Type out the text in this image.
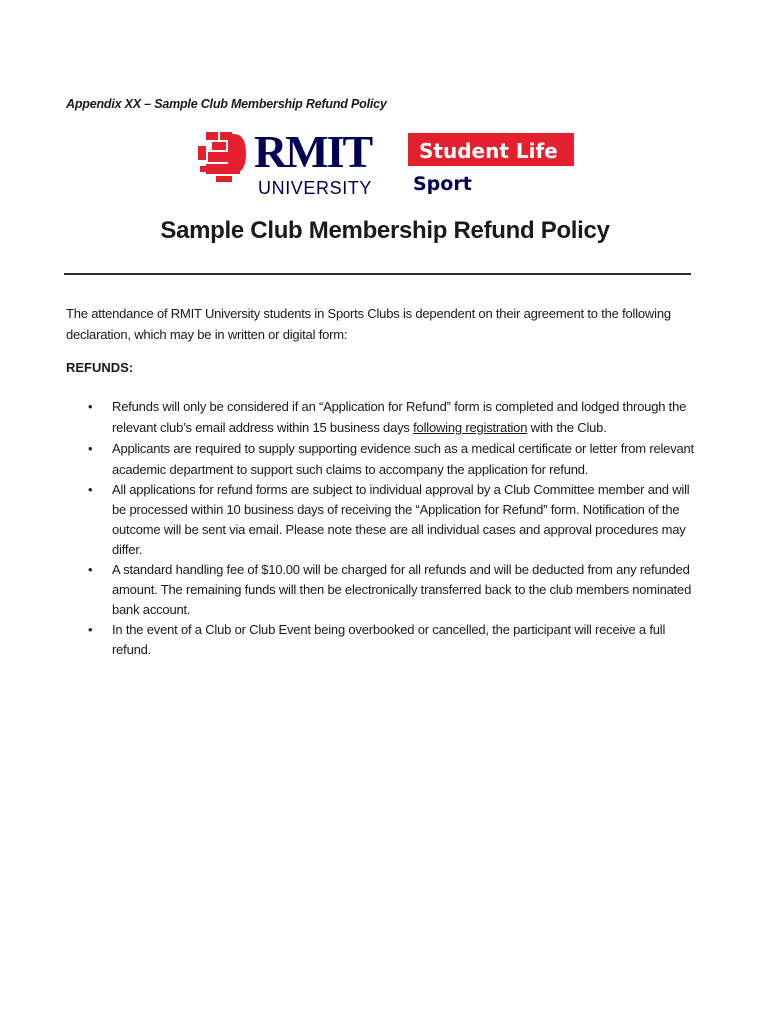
Appendix XX – Sample Club Membership Refund Policy
RMIT
UNIVERSITY
Student Life
Sport
Sample Club Membership Refund Policy
The attendance of RMIT University students in Sports Clubs is dependent on their agreement to the following declaration, which may be in written or digital form:
REFUNDS:
• Refunds will only be considered if an “Application for Refund” form is completed and lodged through the relevant club’s email address within 15 business days following registration with the Club.
• Applicants are required to supply supporting evidence such as a medical certificate or letter from relevant academic department to support such claims to accompany the application for refund.
• All applications for refund forms are subject to individual approval by a Club Committee member and will be processed within 10 business days of receiving the “Application for Refund” form. Notification of the outcome will be sent via email. Please note these are all individual cases and approval procedures may differ.
• A standard handling fee of $10.00 will be charged for all refunds and will be deducted from any refunded amount. The remaining funds will then be electronically transferred back to the club members nominated bank account.
• In the event of a Club or Club Event being overbooked or cancelled, the participant will receive a full refund.
